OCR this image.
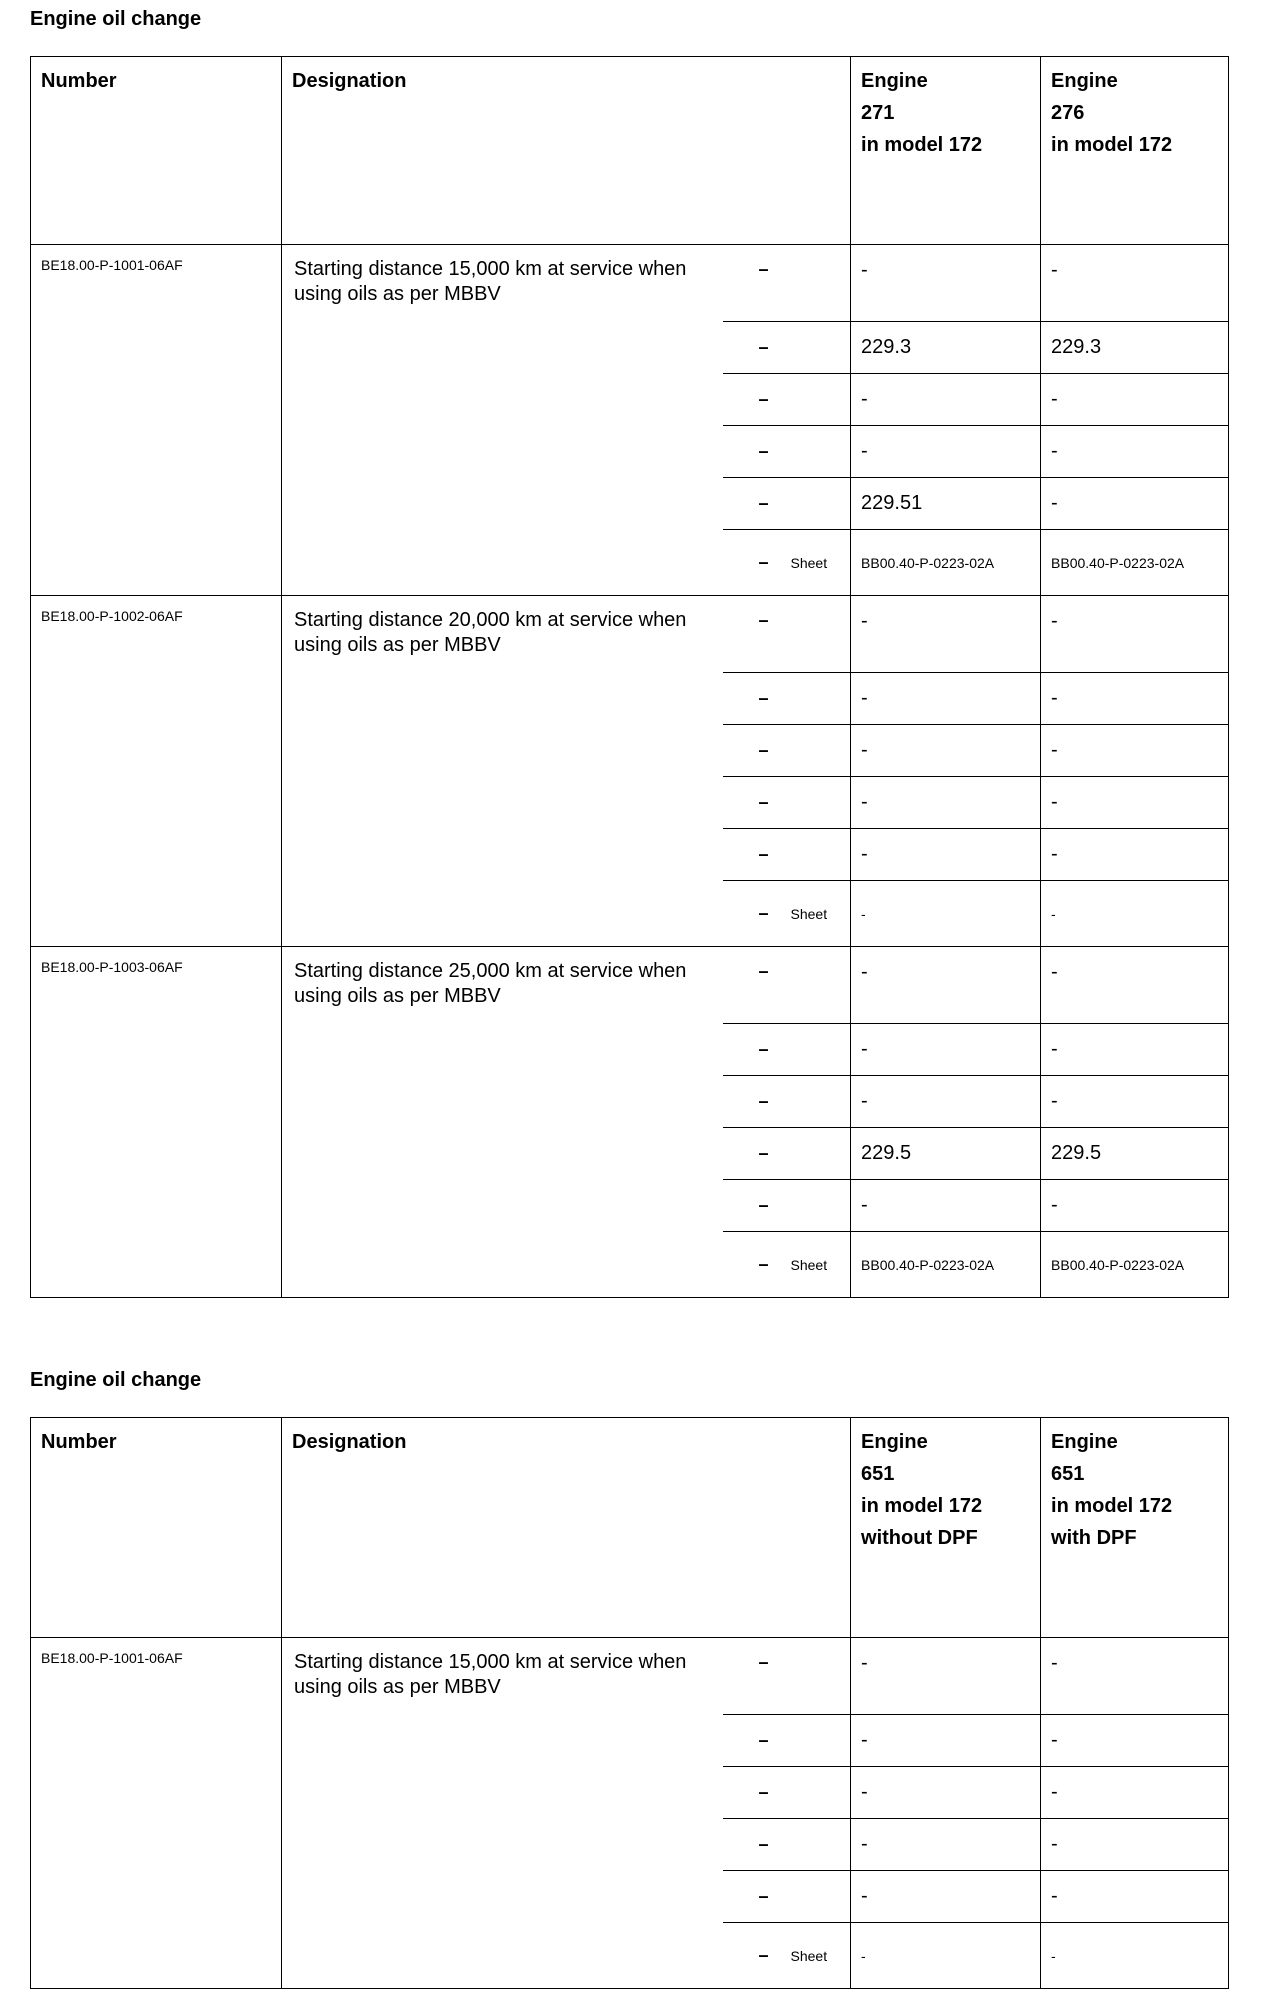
Engine oil change
Number	Designation		Engine
271
in model 172	Engine
276
in model 172

BE18.00-P-1001-06AF	Starting distance 15,000 km at service when using oils as per MBBV	–	-	-
		–	229.3	229.3
		–	-	-
		–	-	-
		–	229.51	-
		– Sheet	BB00.40-P-0223-02A	BB00.40-P-0223-02A
BE18.00-P-1002-06AF	Starting distance 20,000 km at service when using oils as per MBBV	–	-	-
		–	-	-
		–	-	-
		–	-	-
		–	-	-
		– Sheet	-	-
BE18.00-P-1003-06AF	Starting distance 25,000 km at service when using oils as per MBBV	–	-	-
		–	-	-
		–	-	-
		–	229.5	229.5
		–	-	-
		– Sheet	BB00.40-P-0223-02A	BB00.40-P-0223-02A
Engine oil change
Number	Designation		Engine
651
in model 172
without DPF	Engine
651
in model 172
with DPF

BE18.00-P-1001-06AF	Starting distance 15,000 km at service when using oils as per MBBV	–	-	-
		–	-	-
		–	-	-
		–	-	-
		–	-	-
		– Sheet	-	-
